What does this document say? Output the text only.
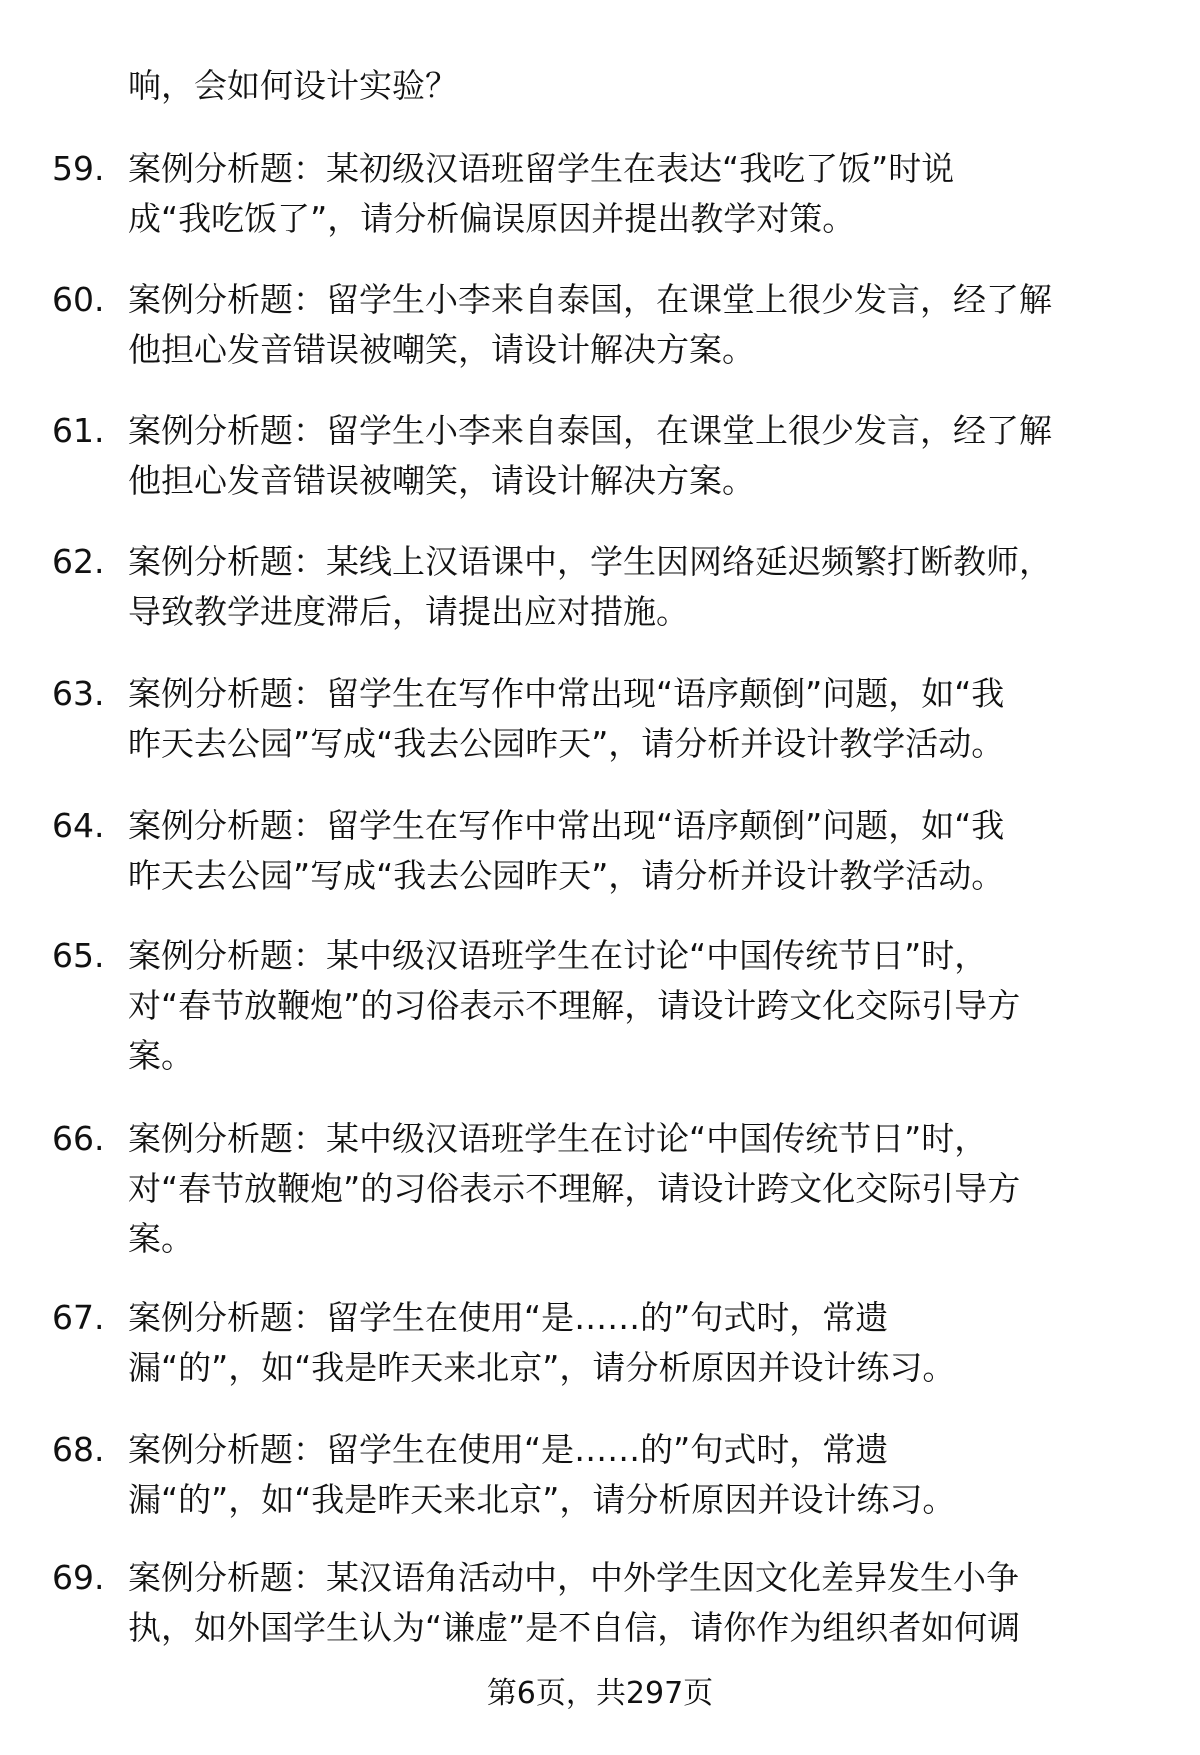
响，会如何设计实验？
59. 案例分析题：某初级汉语班留学生在表达“我吃了饭”时说
成“我吃饭了”，请分析偏误原因并提出教学对策。
60. 案例分析题：留学生小李来自泰国，在课堂上很少发言，经了解
他担心发音错误被嘲笑，请设计解决方案。
61. 案例分析题：留学生小李来自泰国，在课堂上很少发言，经了解
他担心发音错误被嘲笑，请设计解决方案。
62. 案例分析题：某线上汉语课中，学生因网络延迟频繁打断教师，
导致教学进度滞后，请提出应对措施。
63. 案例分析题：留学生在写作中常出现“语序颠倒”问题，如“我
昨天去公园”写成“我去公园昨天”，请分析并设计教学活动。
64. 案例分析题：留学生在写作中常出现“语序颠倒”问题，如“我
昨天去公园”写成“我去公园昨天”，请分析并设计教学活动。
65. 案例分析题：某中级汉语班学生在讨论“中国传统节日”时，
对“春节放鞭炮”的习俗表示不理解，请设计跨文化交际引导方
案。
66. 案例分析题：某中级汉语班学生在讨论“中国传统节日”时，
对“春节放鞭炮”的习俗表示不理解，请设计跨文化交际引导方
案。
67. 案例分析题：留学生在使用“是……的”句式时，常遗
漏“的”，如“我是昨天来北京”，请分析原因并设计练习。
68. 案例分析题：留学生在使用“是……的”句式时，常遗
漏“的”，如“我是昨天来北京”，请分析原因并设计练习。
69. 案例分析题：某汉语角活动中，中外学生因文化差异发生小争
执，如外国学生认为“谦虚”是不自信，请你作为组织者如何调
第6页，共297页
